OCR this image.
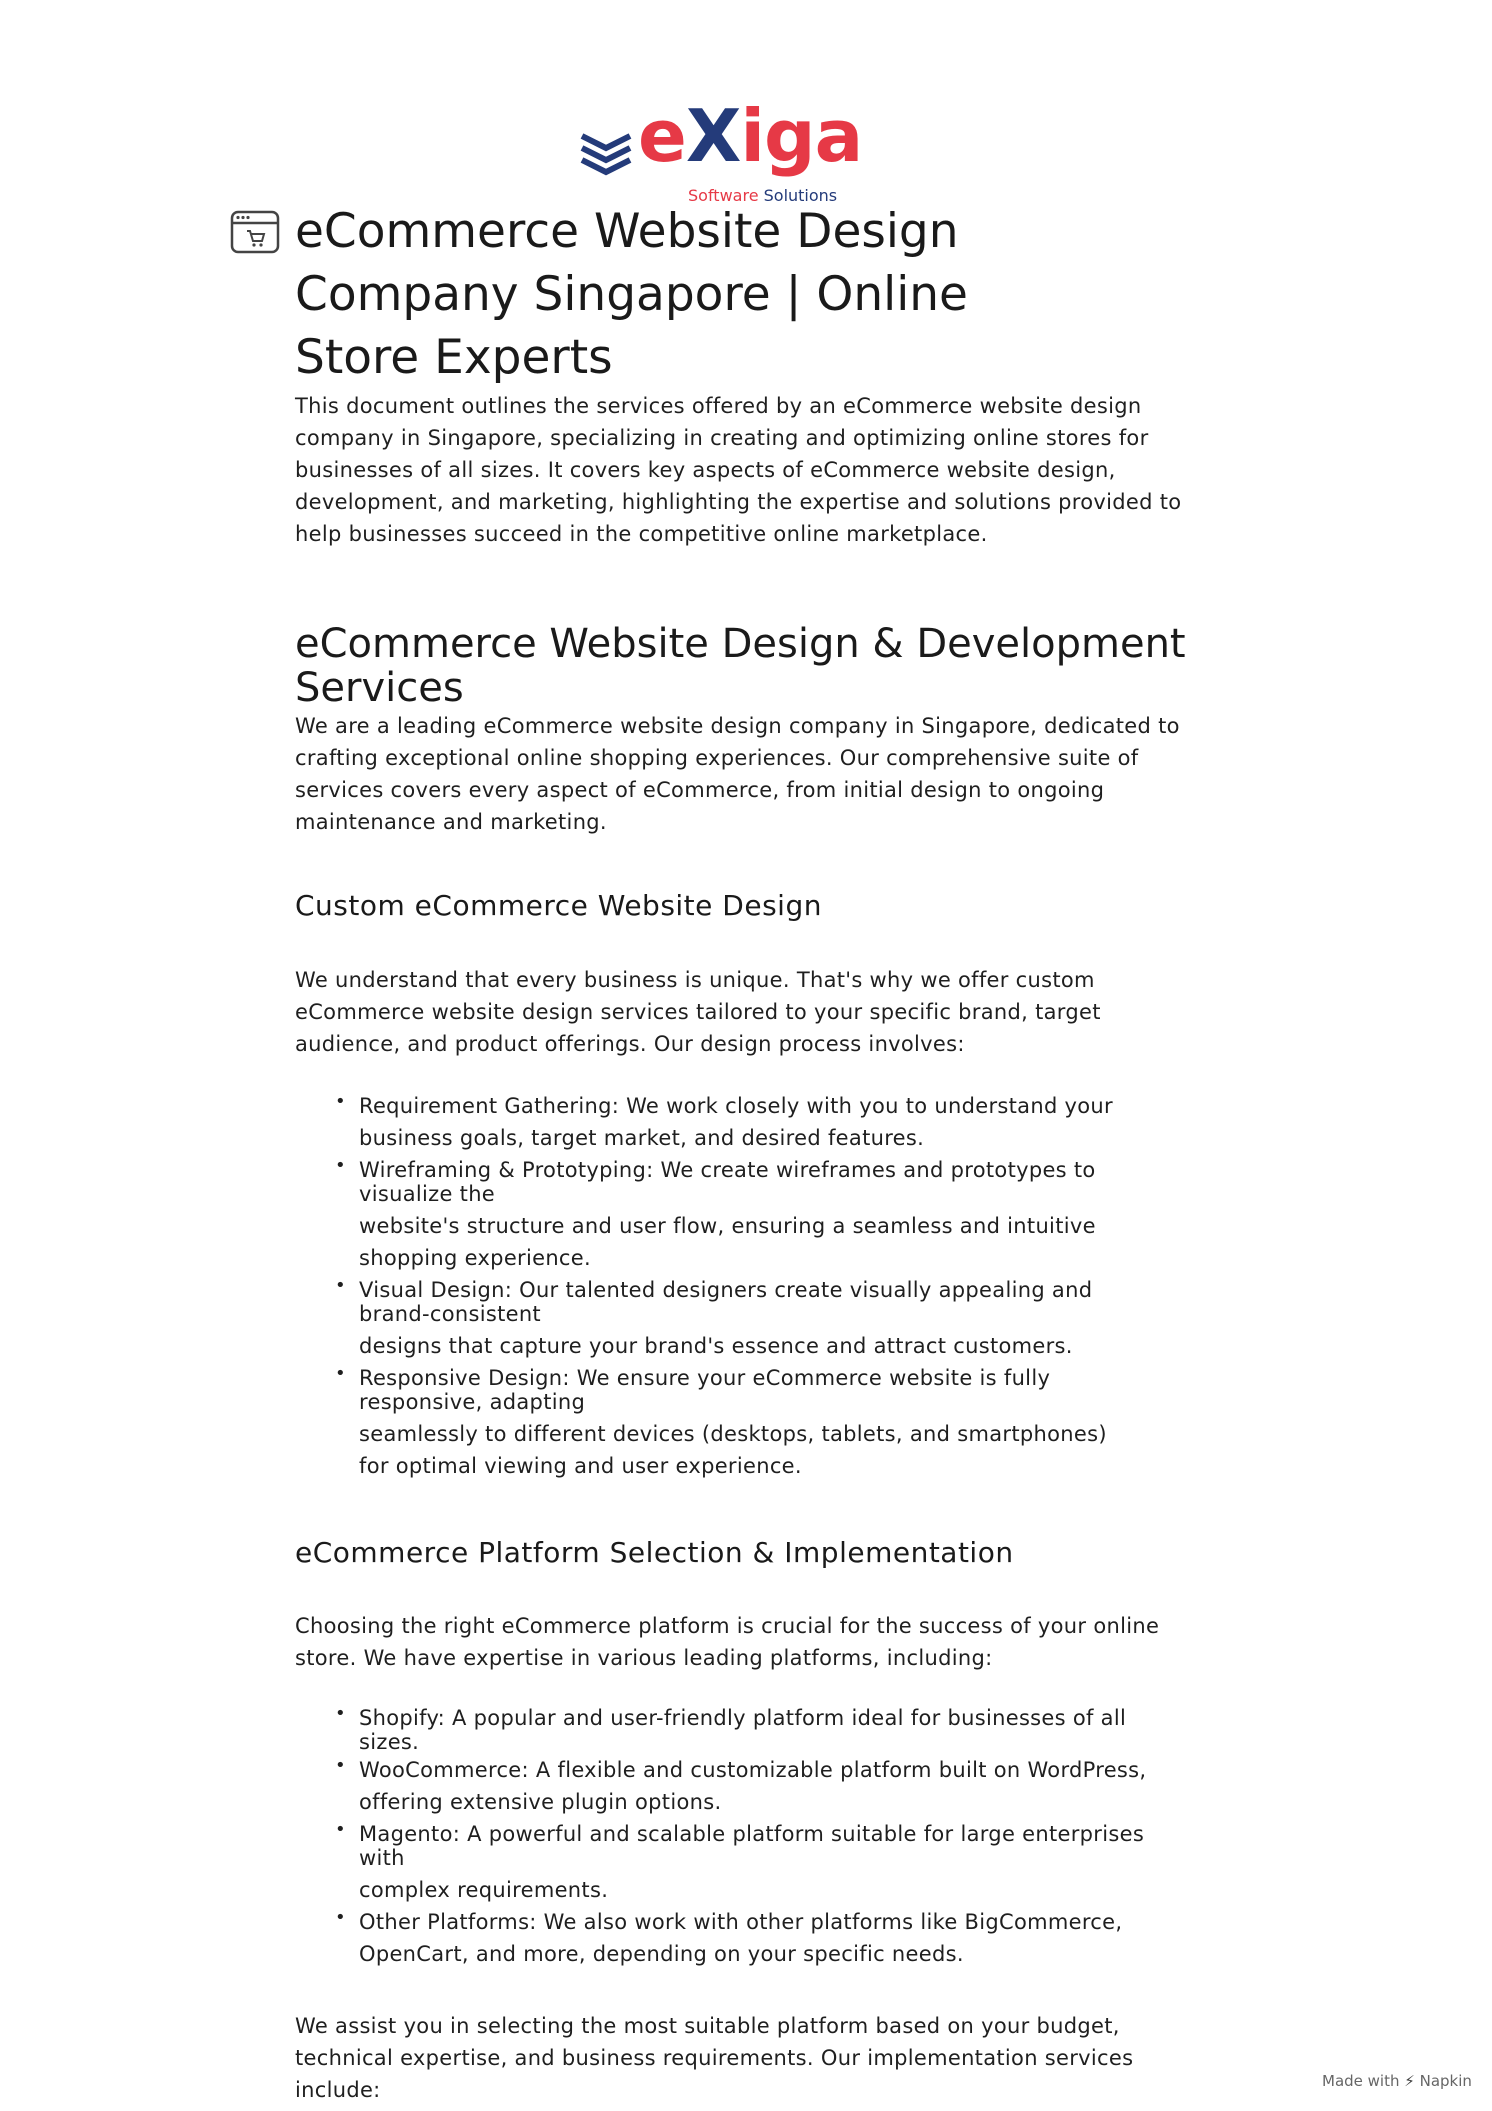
eXiga
Software Solutions
eCommerce Website Design Company Singapore | Online Store Experts

This document outlines the services offered by an eCommerce website design company in Singapore, specializing in creating and optimizing online stores for businesses of all sizes. It covers key aspects of eCommerce website design, development, and marketing, highlighting the expertise and solutions provided to help businesses succeed in the competitive online marketplace.

eCommerce Website Design & Development Services

We are a leading eCommerce website design company in Singapore, dedicated to crafting exceptional online shopping experiences. Our comprehensive suite of services covers every aspect of eCommerce, from initial design to ongoing maintenance and marketing.

Custom eCommerce Website Design

We understand that every business is unique. That's why we offer custom eCommerce website design services tailored to your specific brand, target audience, and product offerings. Our design process involves:

• Requirement Gathering: We work closely with you to understand your
business goals, target market, and desired features.
• Wireframing & Prototyping: We create wireframes and prototypes to visualize the
website's structure and user flow, ensuring a seamless and intuitive shopping experience.
• Visual Design: Our talented designers create visually appealing and brand-consistent
designs that capture your brand's essence and attract customers.
• Responsive Design: We ensure your eCommerce website is fully responsive, adapting
seamlessly to different devices (desktops, tablets, and smartphones) for optimal viewing and user experience.
eCommerce Platform Selection & Implementation

Choosing the right eCommerce platform is crucial for the success of your online store. We have expertise in various leading platforms, including:

• Shopify: A popular and user-friendly platform ideal for businesses of all sizes.
• WooCommerce: A flexible and customizable platform built on WordPress,
offering extensive plugin options.
• Magento: A powerful and scalable platform suitable for large enterprises with
complex requirements.
• Other Platforms: We also work with other platforms like BigCommerce,
OpenCart, and more, depending on your specific needs.

We assist you in selecting the most suitable platform based on your budget, technical expertise, and business requirements. Our implementation services include:	Made with ⚡ Napkin
